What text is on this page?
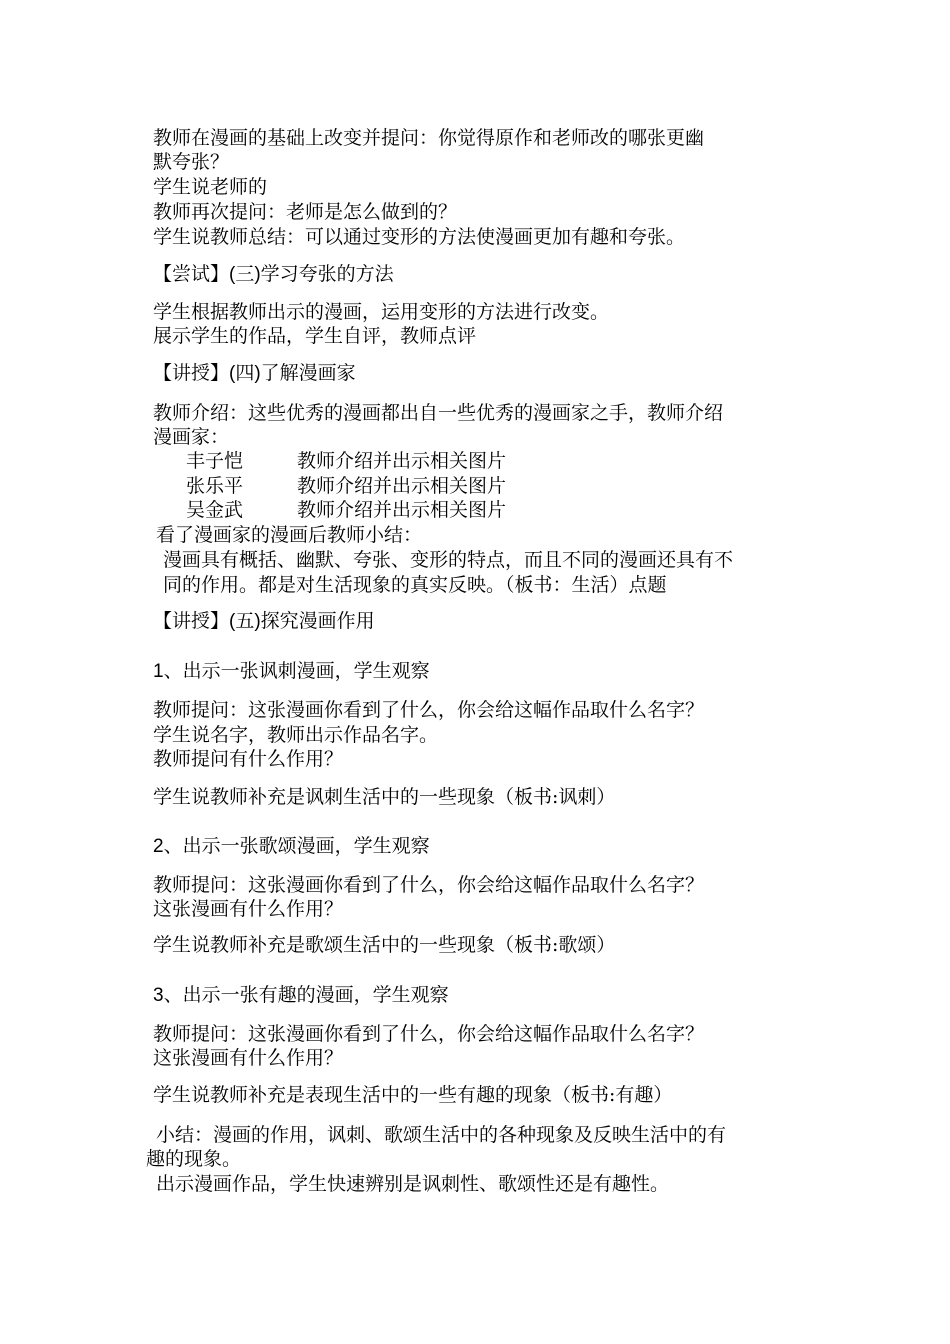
教师在漫画的基础上改变并提问：你觉得原作和老师改的哪张更幽
默夸张？
学生说老师的
教师再次提问：老师是怎么做到的？
学生说教师总结：可以通过变形的方法使漫画更加有趣和夸张。
【尝试】(三)学习夸张的方法
学生根据教师出示的漫画，运用变形的方法进行改变。
展示学生的作品，学生自评，教师点评
【讲授】(四)了解漫画家
教师介绍：这些优秀的漫画都出自一些优秀的漫画家之手，教师介绍
漫画家：
丰子恺	教师介绍并出示相关图片
张乐平	教师介绍并出示相关图片
吴金武	教师介绍并出示相关图片
看了漫画家的漫画后教师小结：
漫画具有概括、幽默、夸张、变形的特点，而且不同的漫画还具有不
同的作用。都是对生活现象的真实反映。（板书：生活）点题
【讲授】(五)探究漫画作用
1、出示一张讽刺漫画，学生观察
教师提问：这张漫画你看到了什么，你会给这幅作品取什么名字？
学生说名字，教师出示作品名字。
教师提问有什么作用？
学生说教师补充是讽刺生活中的一些现象（板书:讽刺）
2、出示一张歌颂漫画，学生观察
教师提问：这张漫画你看到了什么，你会给这幅作品取什么名字？
这张漫画有什么作用？
学生说教师补充是歌颂生活中的一些现象（板书:歌颂）
3、出示一张有趣的漫画，学生观察
教师提问：这张漫画你看到了什么，你会给这幅作品取什么名字？
这张漫画有什么作用？
学生说教师补充是表现生活中的一些有趣的现象（板书:有趣）
小结：漫画的作用，讽刺、歌颂生活中的各种现象及反映生活中的有
趣的现象。
出示漫画作品，学生快速辨别是讽刺性、歌颂性还是有趣性。
